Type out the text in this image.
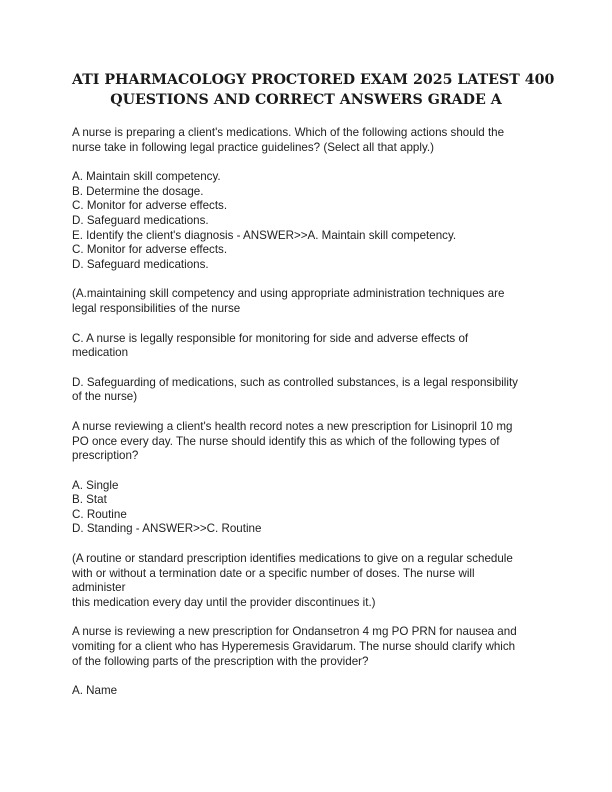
ATI PHARMACOLOGY PROCTORED EXAM 2025 LATEST 400
QUESTIONS AND CORRECT ANSWERS GRADE A
A nurse is preparing a client's medications. Which of the following actions should the
nurse take in following legal practice guidelines? (Select all that apply.)
A. Maintain skill competency.
B. Determine the dosage.
C. Monitor for adverse effects.
D. Safeguard medications.
E. Identify the client's diagnosis - ANSWER>>A. Maintain skill competency.
C. Monitor for adverse effects.
D. Safeguard medications.
(A.maintaining skill competency and using appropriate administration techniques are
legal responsibilities of the nurse
C. A nurse is legally responsible for monitoring for side and adverse effects of
medication
D. Safeguarding of medications, such as controlled substances, is a legal responsibility
of the nurse)
A nurse reviewing a client's health record notes a new prescription for Lisinopril 10 mg
PO once every day. The nurse should identify this as which of the following types of
prescription?
A. Single
B. Stat
C. Routine
D. Standing - ANSWER>>C. Routine
(A routine or standard prescription identifies medications to give on a regular schedule
with or without a termination date or a specific number of doses. The nurse will
administer
this medication every day until the provider discontinues it.)
A nurse is reviewing a new prescription for Ondansetron 4 mg PO PRN for nausea and
vomiting for a client who has Hyperemesis Gravidarum. The nurse should clarify which
of the following parts of the prescription with the provider?
A. Name
